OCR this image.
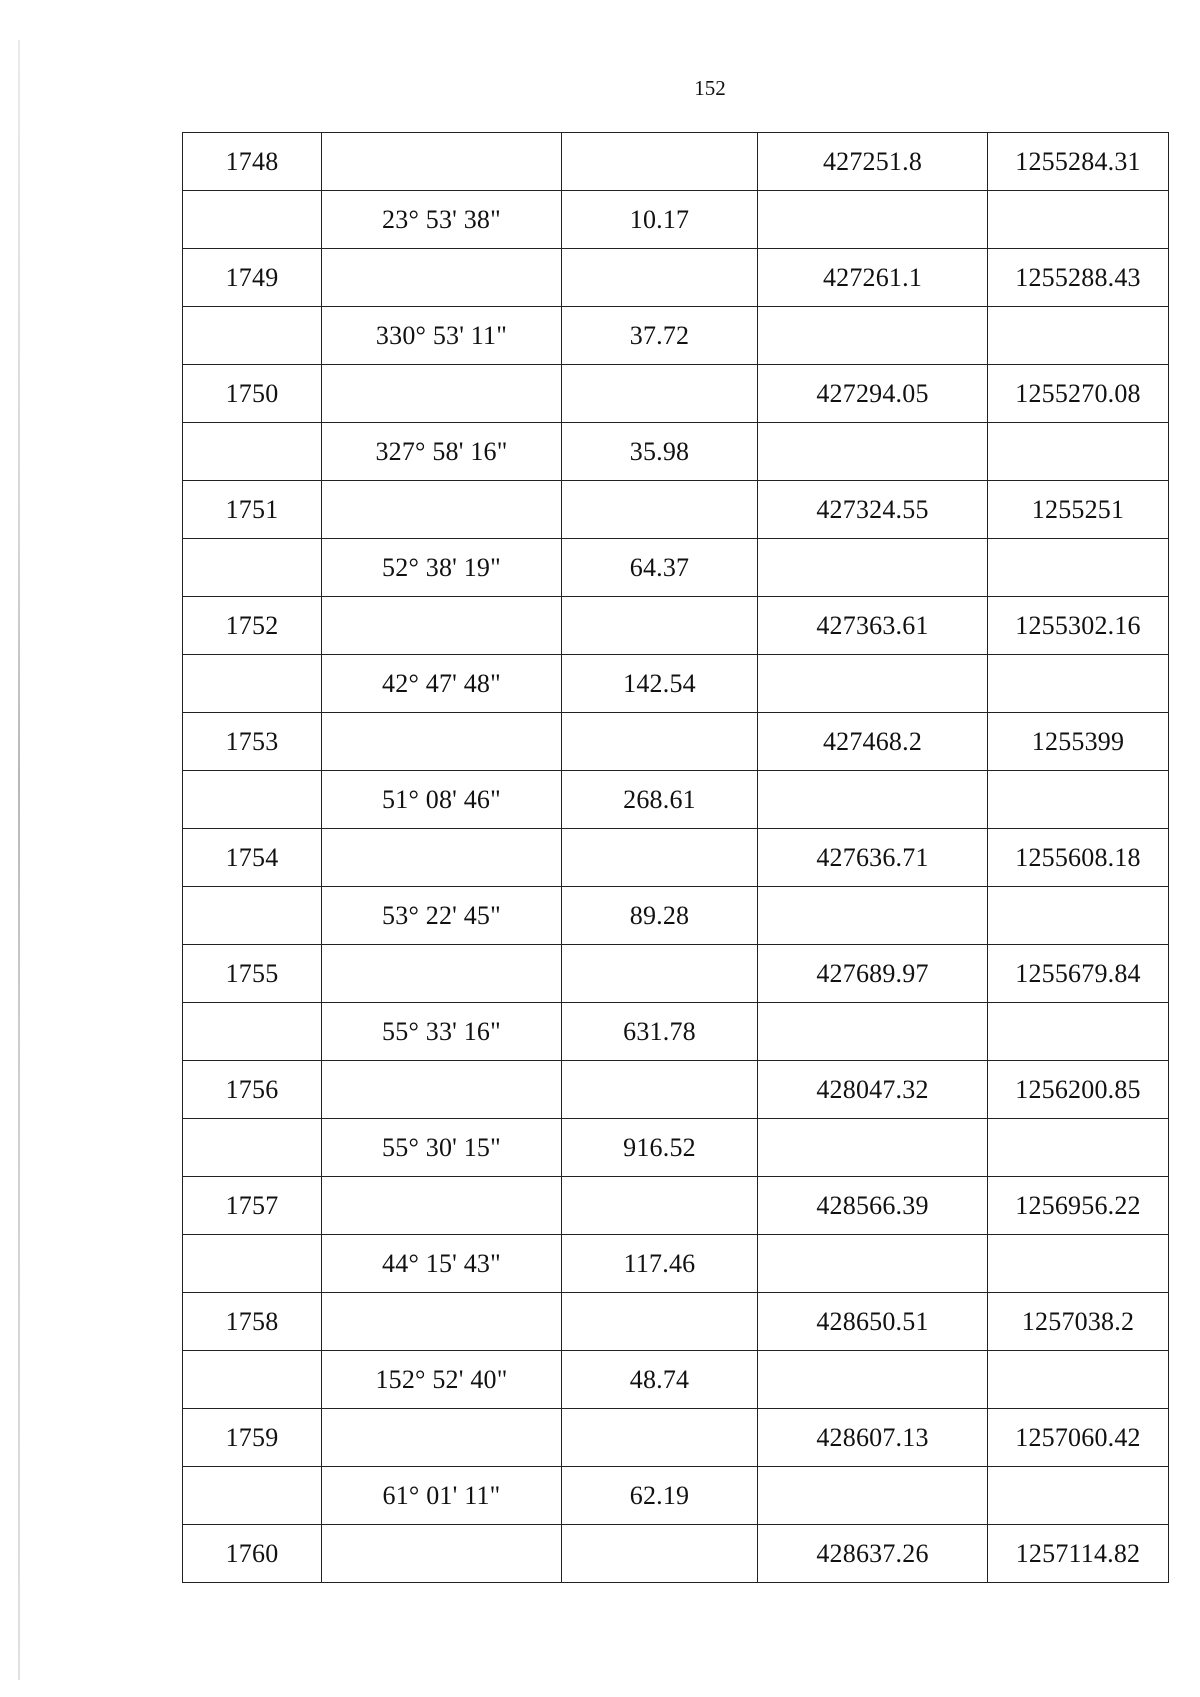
152
1748			427251.8	1255284.31
	23° 53' 38"	10.17		
1749			427261.1	1255288.43
	330° 53' 11"	37.72		
1750			427294.05	1255270.08
	327° 58' 16"	35.98		
1751			427324.55	1255251
	52° 38' 19"	64.37		
1752			427363.61	1255302.16
	42° 47' 48"	142.54		
1753			427468.2	1255399
	51° 08' 46"	268.61		
1754			427636.71	1255608.18
	53° 22' 45"	89.28		
1755			427689.97	1255679.84
	55° 33' 16"	631.78		
1756			428047.32	1256200.85
	55° 30' 15"	916.52		
1757			428566.39	1256956.22
	44° 15' 43"	117.46		
1758			428650.51	1257038.2
	152° 52' 40"	48.74		
1759			428607.13	1257060.42
	61° 01' 11"	62.19		
1760			428637.26	1257114.82
